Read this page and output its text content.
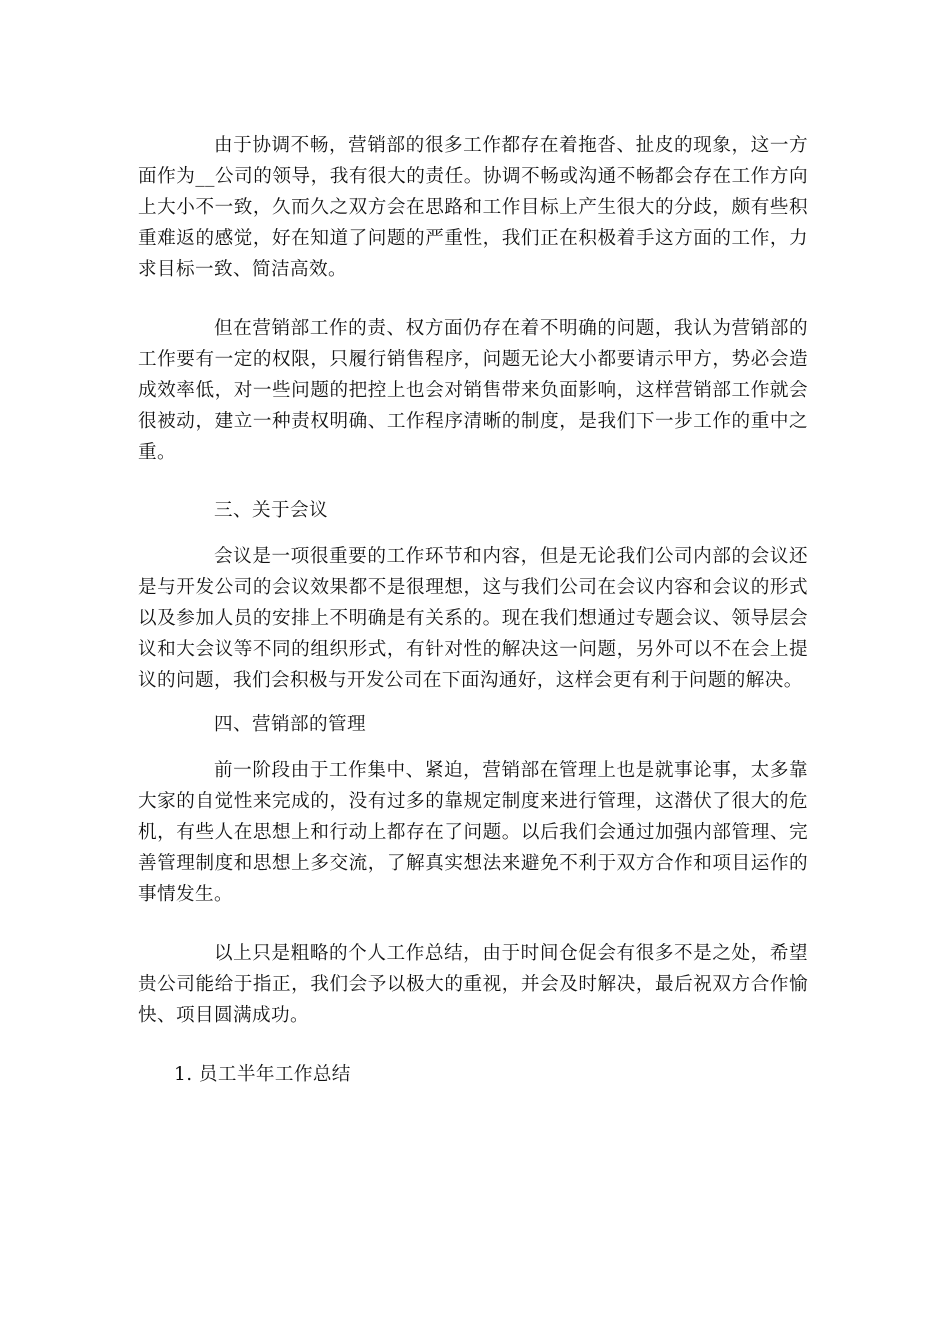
由于协调不畅，营销部的很多工作都存在着拖沓、扯皮的现象，这一方面作为__公司的领导，我有很大的责任。协调不畅或沟通不畅都会存在工作方向上大小不一致，久而久之双方会在思路和工作目标上产生很大的分歧，颇有些积重难返的感觉，好在知道了问题的严重性，我们正在积极着手这方面的工作，力求目标一致、简洁高效。

但在营销部工作的责、权方面仍存在着不明确的问题，我认为营销部的工作要有一定的权限，只履行销售程序，问题无论大小都要请示甲方，势必会造成效率低，对一些问题的把控上也会对销售带来负面影响，这样营销部工作就会很被动，建立一种责权明确、工作程序清晰的制度，是我们下一步工作的重中之重。

三、关于会议

会议是一项很重要的工作环节和内容，但是无论我们公司内部的会议还是与开发公司的会议效果都不是很理想，这与我们公司在会议内容和会议的形式以及参加人员的安排上不明确是有关系的。现在我们想通过专题会议、领导层会议和大会议等不同的组织形式，有针对性的解决这一问题，另外可以不在会上提议的问题，我们会积极与开发公司在下面沟通好，这样会更有利于问题的解决。

四、营销部的管理

前一阶段由于工作集中、紧迫，营销部在管理上也是就事论事，太多靠大家的自觉性来完成的，没有过多的靠规定制度来进行管理，这潜伏了很大的危机，有些人在思想上和行动上都存在了问题。以后我们会通过加强内部管理、完善管理制度和思想上多交流，了解真实想法来避免不利于双方合作和项目运作的事情发生。

以上只是粗略的个人工作总结，由于时间仓促会有很多不是之处，希望贵公司能给于指正，我们会予以极大的重视，并会及时解决，最后祝双方合作愉快、项目圆满成功。

1. 员工半年工作总结
